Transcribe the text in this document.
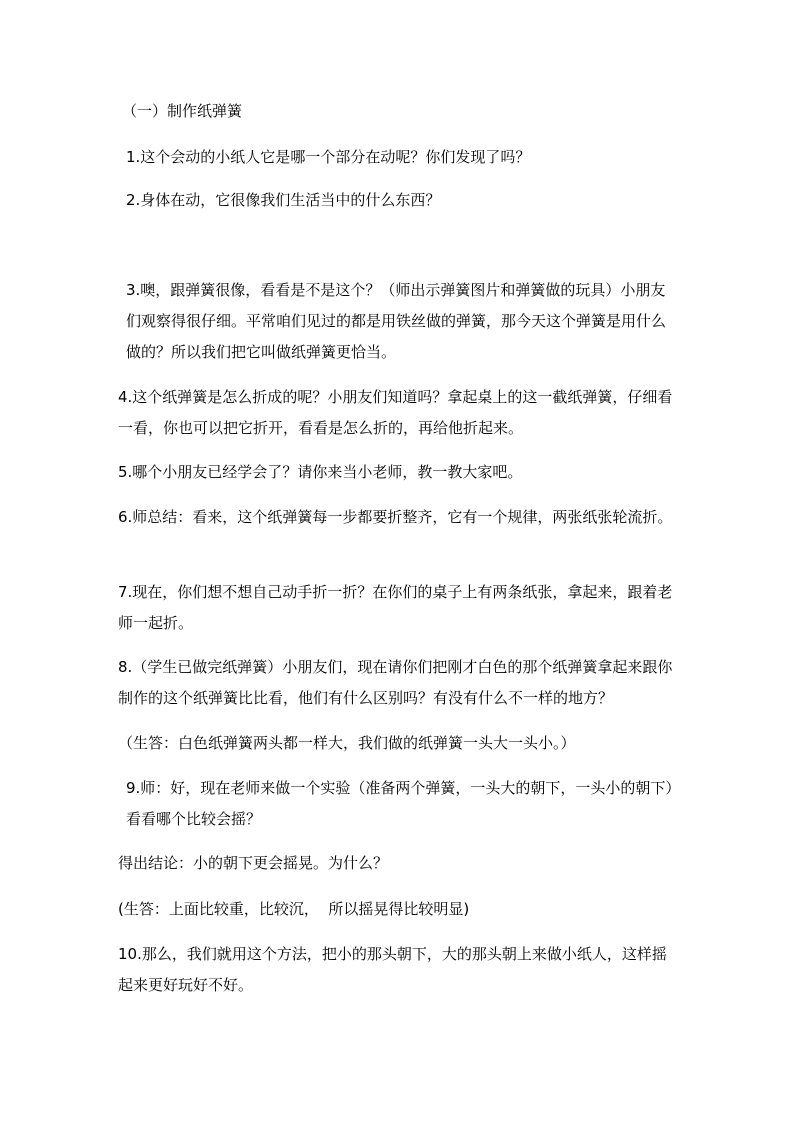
（一）制作纸弹簧

1.这个会动的小纸人它是哪一个部分在动呢？你们发现了吗？

2.身体在动，它很像我们生活当中的什么东西？

3.噢，跟弹簧很像，看看是不是这个？（师出示弹簧图片和弹簧做的玩具）小朋友们观察得很仔细。平常咱们见过的都是用铁丝做的弹簧，那今天这个弹簧是用什么做的？所以我们把它叫做纸弹簧更恰当。

4.这个纸弹簧是怎么折成的呢？小朋友们知道吗？拿起桌上的这一截纸弹簧，仔细看一看，你也可以把它折开，看看是怎么折的，再给他折起来。

5.哪个小朋友已经学会了？请你来当小老师，教一教大家吧。

6.师总结：看来，这个纸弹簧每一步都要折整齐，它有一个规律，两张纸张轮流折。

7.现在，你们想不想自己动手折一折？在你们的桌子上有两条纸张，拿起来，跟着老师一起折。

8.（学生已做完纸弹簧）小朋友们，现在请你们把刚才白色的那个纸弹簧拿起来跟你制作的这个纸弹簧比比看，他们有什么区别吗？有没有什么不一样的地方？

（生答：白色纸弹簧两头都一样大，我们做的纸弹簧一头大一头小。）

9.师：好，现在老师来做一个实验（准备两个弹簧，一头大的朝下，一头小的朝下）看看哪个比较会摇？

得出结论：小的朝下更会摇晃。为什么？

(生答：上面比较重，比较沉，  所以摇晃得比较明显)

10.那么，我们就用这个方法，把小的那头朝下，大的那头朝上来做小纸人，这样摇起来更好玩好不好。
